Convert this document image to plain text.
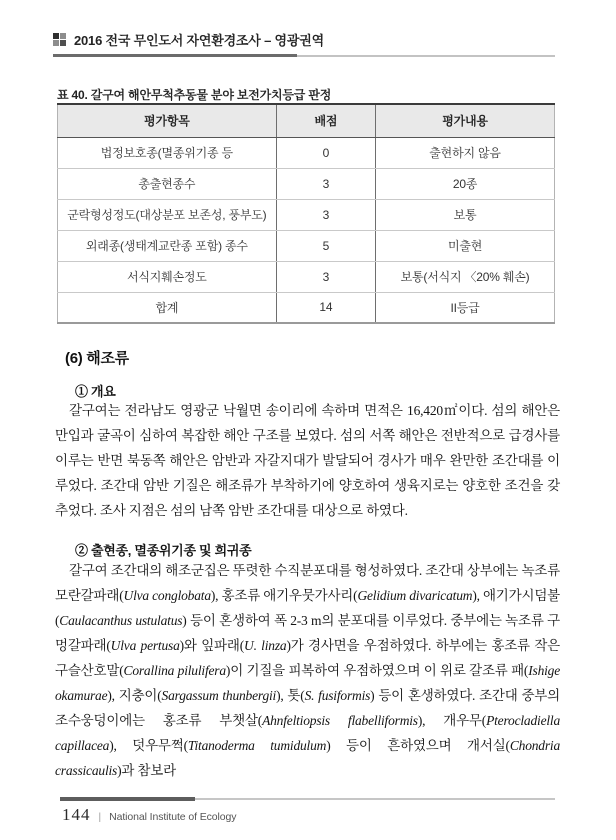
2016 전국 무인도서 자연환경조사 – 영광권역
표 40. 갈구여 해안무척추동물 분야 보전가치등급 판정
평가항목	배점	평가내용
법정보호종(멸종위기종 등	0	출현하지 않음
총출현종수	3	20종
군락형성정도(대상분포 보존성, 풍부도)	3	보통
외래종(생태계교란종 포함) 종수	5	미출현
서식지훼손정도	3	보통(서식지 〈20% 훼손)
합계	14	II등급
(6) 해조류
① 개요

갈구여는 전라남도 영광군 낙월면 송이리에 속하며 면적은 16,420㎡이다. 섬의 해안은 만입과 굴곡이 심하여 복잡한 해안 구조를 보였다. 섬의 서쪽 해안은 전반적으로 급경사를 이루는 반면 북동쪽 해안은 암반과 자갈지대가 발달되어 경사가 매우 완만한 조간대를 이루었다. 조간대 암반 기질은 해조류가 부착하기에 양호하여 생육지로는 양호한 조건을 갖추었다. 조사 지점은 섬의 남쪽 암반 조간대를 대상으로 하였다.

② 출현종, 멸종위기종 및 희귀종

갈구여 조간대의 해조군집은 뚜렷한 수직분포대를 형성하였다. 조간대 상부에는 녹조류 모란갈파래(Ulva conglobata), 홍조류 애기우뭇가사리(Gelidium divaricatum), 애기가시덤불(Caulacanthus ustulatus) 등이 혼생하여 폭 2-3 m의 분포대를 이루었다. 중부에는 녹조류 구멍갈파래(Ulva pertusa)와 잎파래(U. linza)가 경사면을 우점하였다. 하부에는 홍조류 작은구슬산호말(Corallina pilulifera)이 기질을 피복하여 우점하였으며 이 위로 갈조류 패(Ishige okamurae), 지충이(Sargassum thunbergii), 톳(S. fusiformis) 등이 혼생하였다. 조간대 중부의 조수웅덩이에는 홍조류 부챗살(Ahnfeltiopsis flabelliformis), 개우무(Pterocladiella capillacea), 덧우무쩍(Titanoderma tumidulum) 등이 흔하였으며 개서실(Chondria crassicaulis)과 참보라

144 | National Institute of Ecology
